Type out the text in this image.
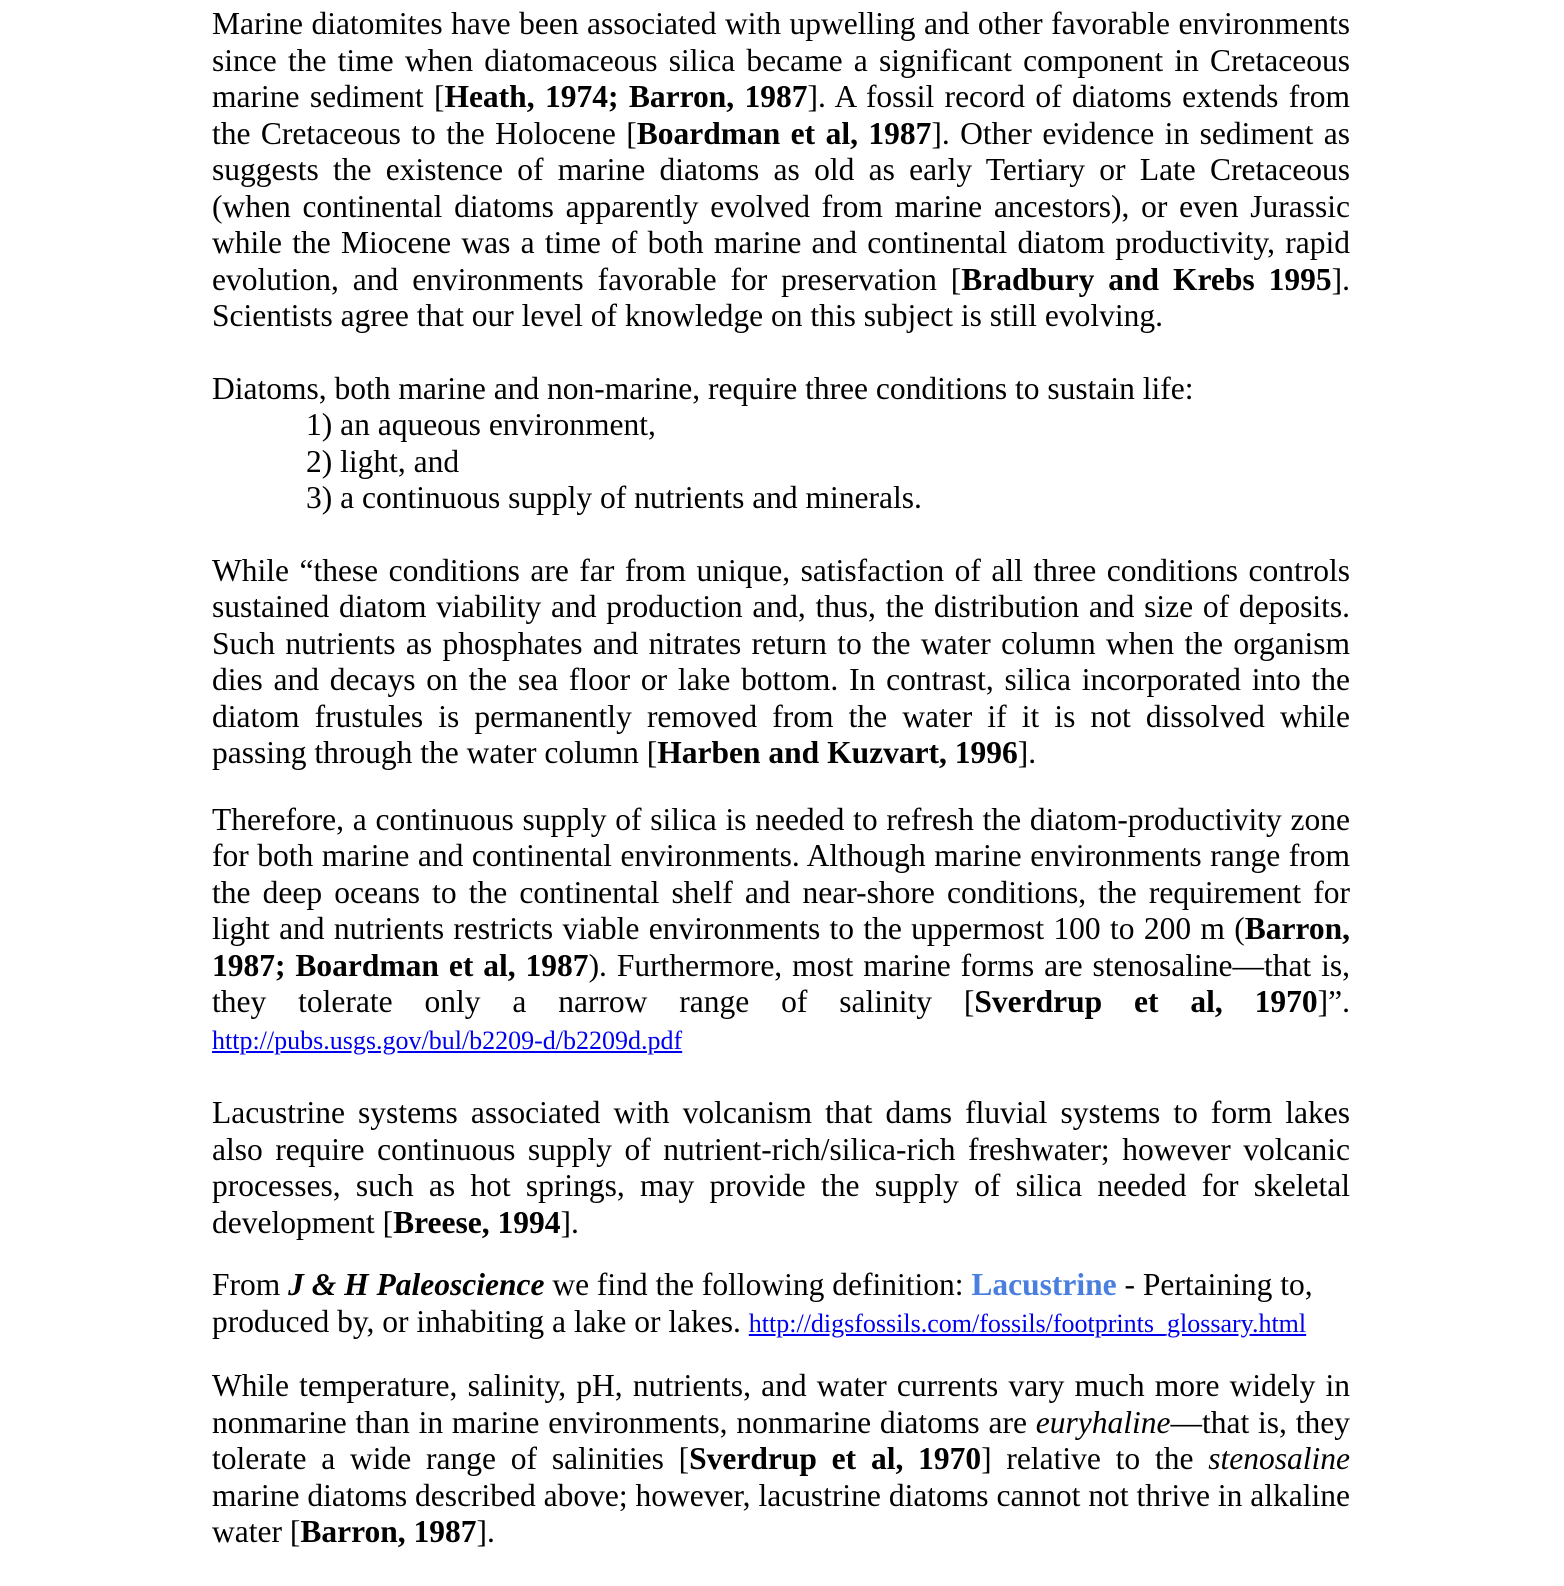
Marine diatomites have been associated with upwelling and other favorable environments since the time when diatomaceous silica became a significant component in Cretaceous marine sediment [Heath, 1974; Barron, 1987]. A fossil record of diatoms extends from the Cretaceous to the Holocene [Boardman et al, 1987]. Other evidence in sediment as suggests the existence of marine diatoms as old as early Tertiary or Late Cretaceous (when continental diatoms apparently evolved from marine ancestors), or even Jurassic while the Miocene was a time of both marine and continental diatom productivity, rapid evolution, and environments favorable for preservation [Bradbury and Krebs 1995]. Scientists agree that our level of knowledge on this subject is still evolving.

Diatoms, both marine and non-marine, require three conditions to sustain life:

1) an aqueous environment,
2) light, and
3) a continuous supply of nutrients and minerals.

While “these conditions are far from unique, satisfaction of all three conditions controls sustained diatom viability and production and, thus, the distribution and size of deposits. Such nutrients as phosphates and nitrates return to the water column when the organism dies and decays on the sea floor or lake bottom. In contrast, silica incorporated into the diatom frustules is permanently removed from the water if it is not dissolved while passing through the water column [Harben and Kuzvart, 1996].

Therefore, a continuous supply of silica is needed to refresh the diatom-productivity zone for both marine and continental environments. Although marine environments range from the deep oceans to the continental shelf and near-shore conditions, the requirement for light and nutrients restricts viable environments to the uppermost 100 to 200 m (Barron, 1987; Boardman et al, 1987). Furthermore, most marine forms are stenosaline—that is, they tolerate only a narrow range of salinity [Sverdrup et al, 1970]”. http://pubs.usgs.gov/bul/b2209-d/b2209d.pdf

Lacustrine systems associated with volcanism that dams fluvial systems to form lakes also require continuous supply of nutrient-rich/silica-rich freshwater; however volcanic processes, such as hot springs, may provide the supply of silica needed for skeletal development [Breese, 1994].

From J & H Paleoscience we find the following definition: Lacustrine - Pertaining to, produced by, or inhabiting a lake or lakes. http://digsfossils.com/fossils/footprints_glossary.html

While temperature, salinity, pH, nutrients, and water currents vary much more widely in nonmarine than in marine environments, nonmarine diatoms are euryhaline—that is, they tolerate a wide range of salinities [Sverdrup et al, 1970] relative to the stenosaline marine diatoms described above; however, lacustrine diatoms cannot not thrive in alkaline water [Barron, 1987].
